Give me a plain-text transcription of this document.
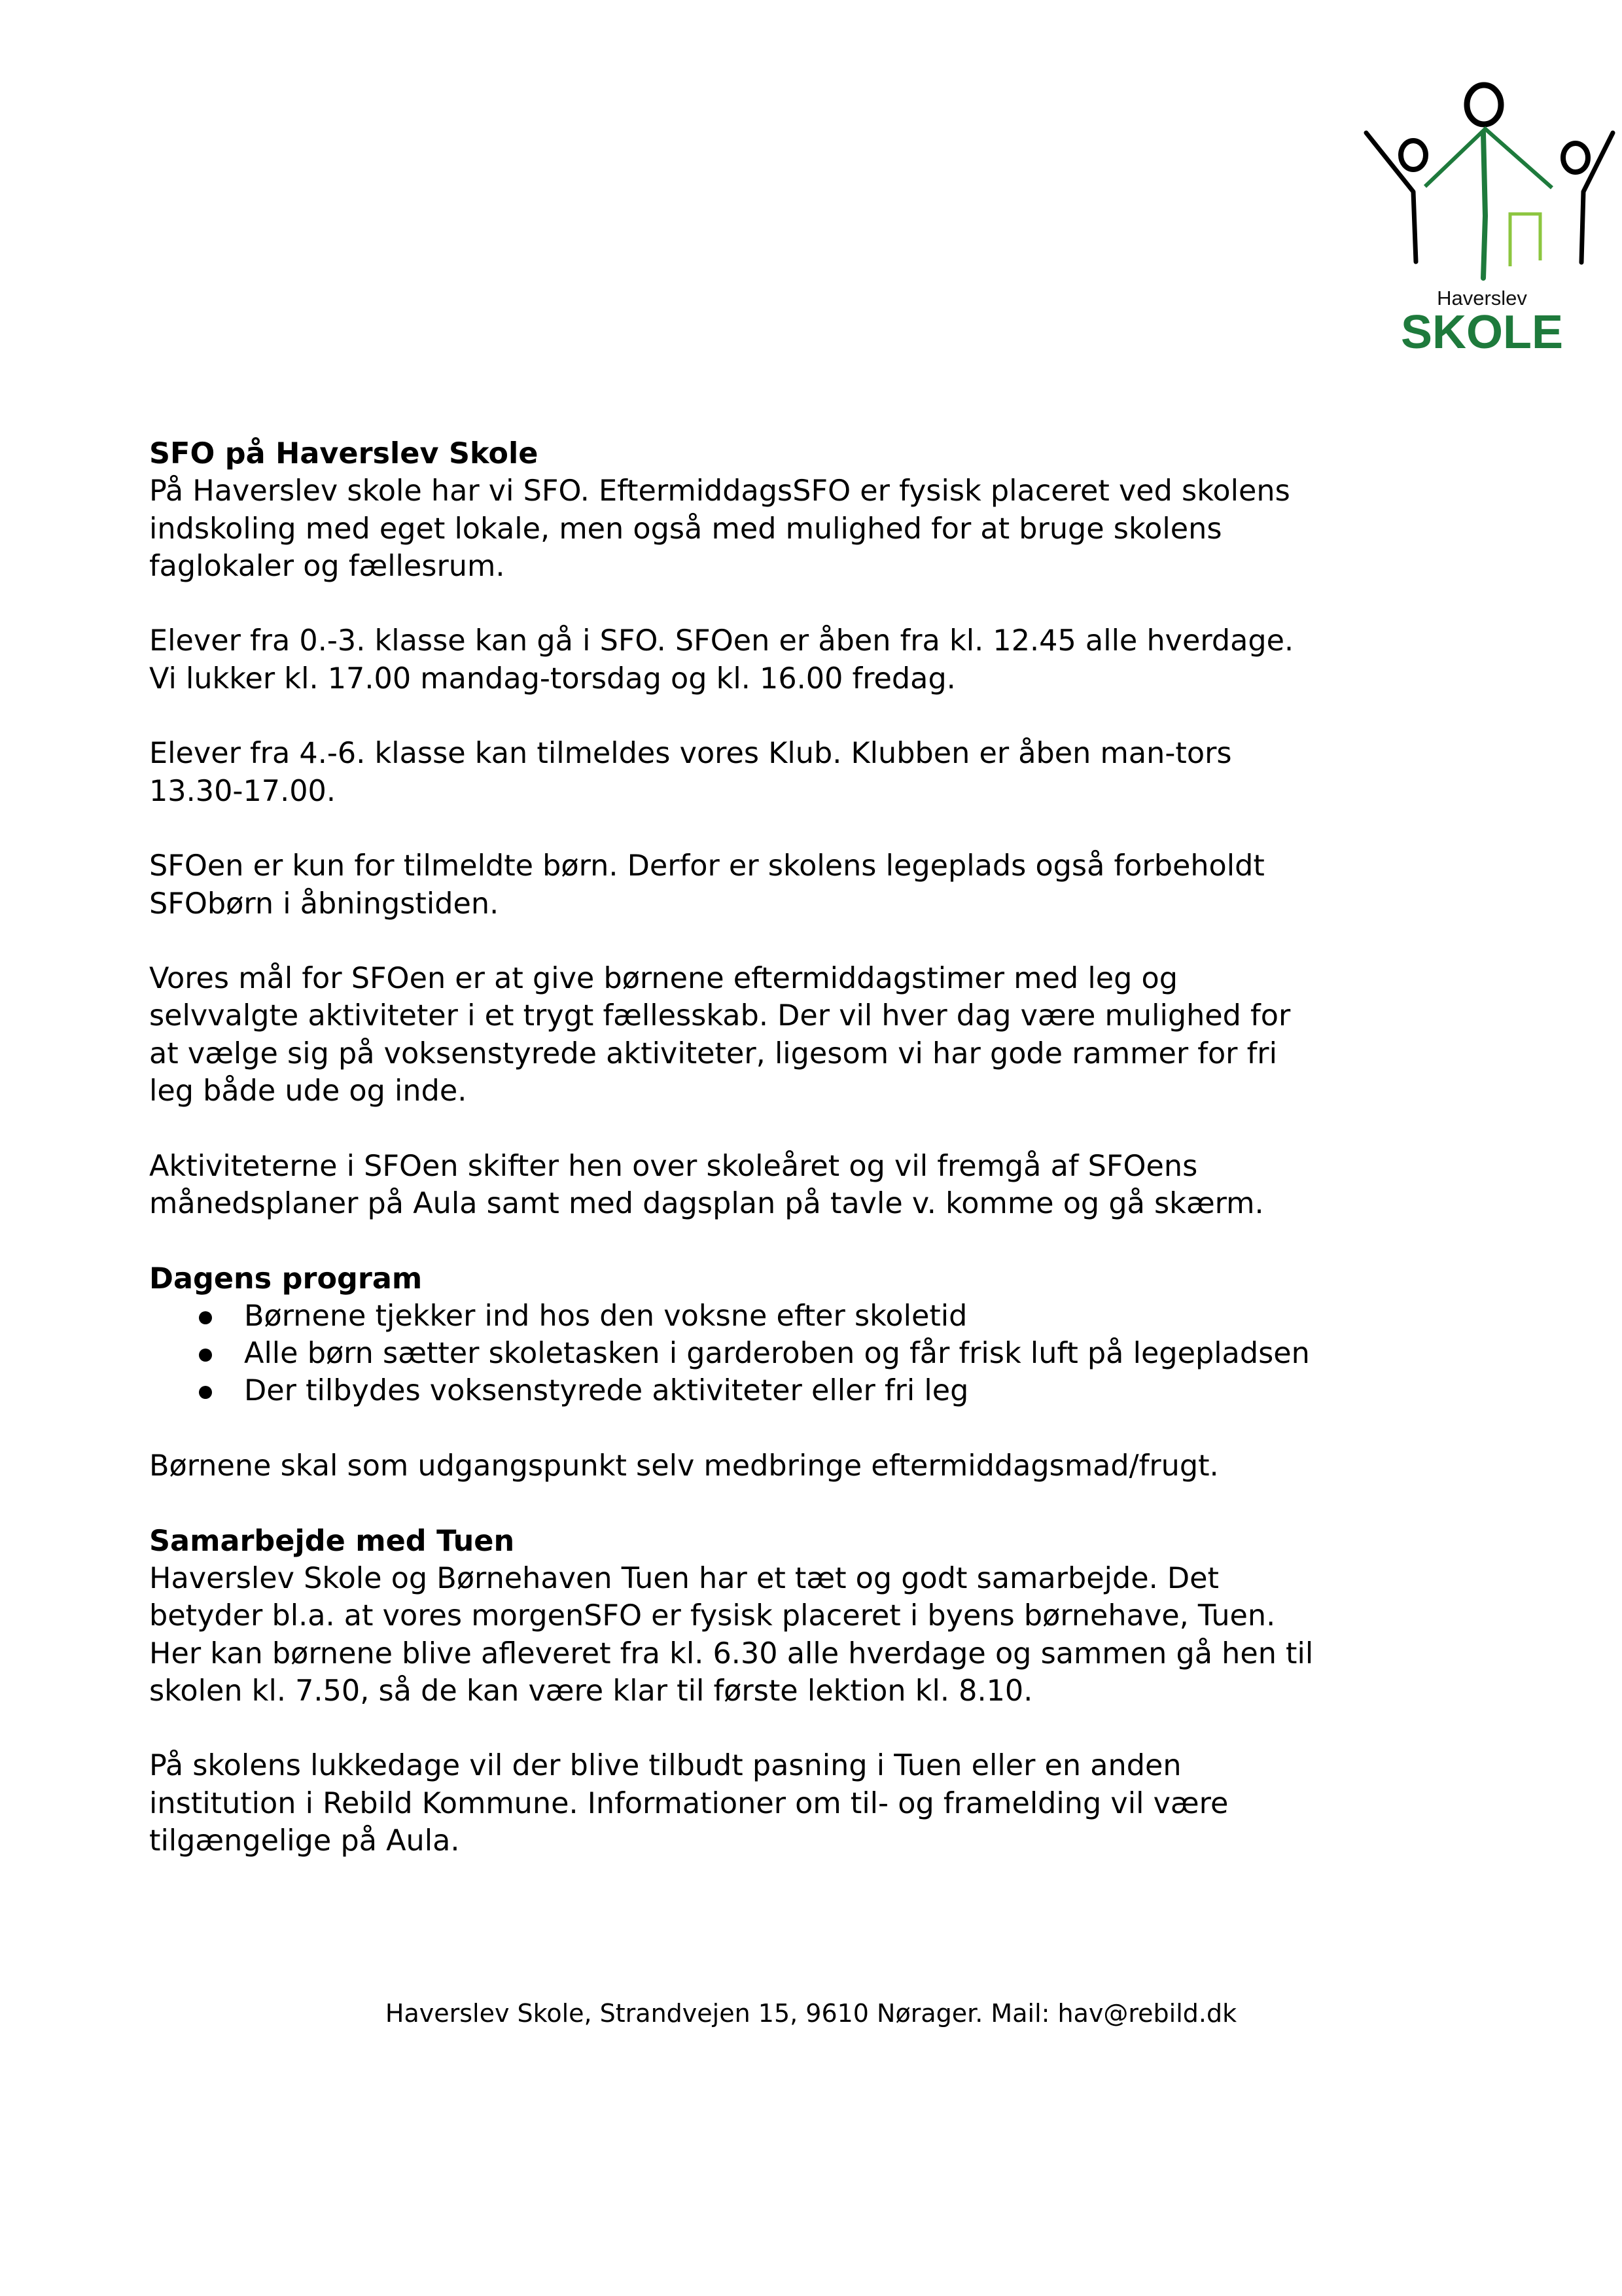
Haverslev
SKOLE
SFO på Haverslev Skole

På Haverslev skole har vi SFO. EftermiddagsSFO er fysisk placeret ved skolens
indskoling med eget lokale, men også med mulighed for at bruge skolens
faglokaler og fællesrum.

Elever fra 0.-3. klasse kan gå i SFO. SFOen er åben fra kl. 12.45 alle hverdage.
Vi lukker kl. 17.00 mandag-torsdag og kl. 16.00 fredag.

Elever fra 4.-6. klasse kan tilmeldes vores Klub. Klubben er åben man-tors
13.30-17.00.

SFOen er kun for tilmeldte børn. Derfor er skolens legeplads også forbeholdt
SFObørn i åbningstiden.

Vores mål for SFOen er at give børnene eftermiddagstimer med leg og
selvvalgte aktiviteter i et trygt fællesskab. Der vil hver dag være mulighed for
at vælge sig på voksenstyrede aktiviteter, ligesom vi har gode rammer for fri
leg både ude og inde.

Aktiviteterne i SFOen skifter hen over skoleåret og vil fremgå af SFOens
månedsplaner på Aula samt med dagsplan på tavle v. komme og gå skærm.

Dagens program
Børnene tjekker ind hos den voksne efter skoletid
Alle børn sætter skoletasken i garderoben og får frisk luft på legepladsen
Der tilbydes voksenstyrede aktiviteter eller fri leg

Børnene skal som udgangspunkt selv medbringe eftermiddagsmad/frugt.

Samarbejde med Tuen

Haverslev Skole og Børnehaven Tuen har et tæt og godt samarbejde. Det
betyder bl.a. at vores morgenSFO er fysisk placeret i byens børnehave, Tuen.
Her kan børnene blive afleveret fra kl. 6.30 alle hverdage og sammen gå hen til
skolen kl. 7.50, så de kan være klar til første lektion kl. 8.10.

På skolens lukkedage vil der blive tilbudt pasning i Tuen eller en anden
institution i Rebild Kommune. Informationer om til- og framelding vil være
tilgængelige på Aula.

Haverslev Skole, Strandvejen 15, 9610 Nørager. Mail: hav@rebild.dk
